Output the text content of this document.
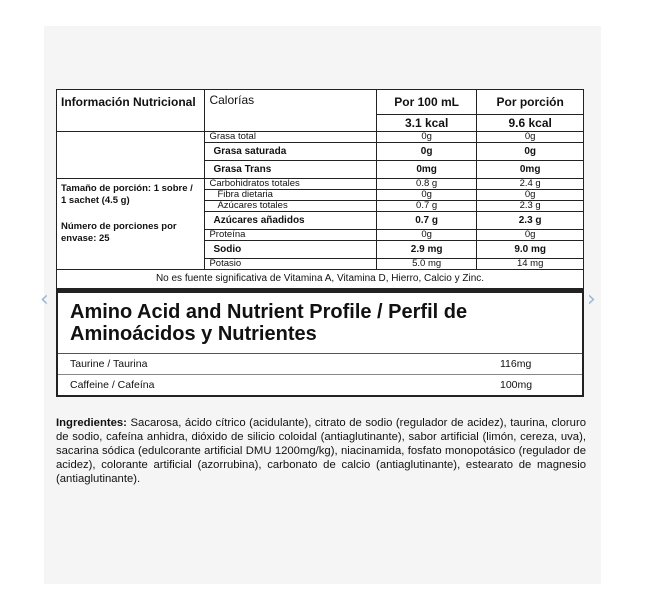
‹	›
Información Nutricional	Calorías	Por 100 mL	Por porción
		3.1 kcal	9.6 kcal
	Grasa total	0g	0g
	Grasa saturada	0g	0g
	Grasa Trans	0mg	0mg

Tamaño de porción: 1 sobre / 1 sachet (4.5 g)
Número de porciones por envase: 25	Carbohidratos totales	0.8 g	2.4 g
	Fibra dietaria	0g	0g
	Azúcares totales	0.7 g	2.3 g
	Azúcares añadidos	0.7 g	2.3 g
	Proteína	0g	0g
	Sodio	2.9 mg	9.0 mg
	Potasio	5.0 mg	14 mg
No es fuente significativa de Vitamina A, Vitamina D, Hierro, Calcio y Zinc.			
Amino Acid and Nutrient Profile / Perfil de Aminoácidos y Nutrientes
Taurine / Taurina	116mg
Caffeine / Cafeína	100mg
Ingredientes: Sacarosa, ácido cítrico (acidulante), citrato de sodio (regulador de acidez), taurina, cloruro de sodio, cafeína anhidra, dióxido de silicio coloidal (antiaglutinante), sabor artificial (limón, cereza, uva), sacarina sódica (edulcorante artificial DMU 1200mg/kg), niacinamida, fosfato monopotásico (regulador de acidez), colorante artificial (azorrubina), carbonato de calcio (antiaglutinante), estearato de magnesio (antiaglutinante).
